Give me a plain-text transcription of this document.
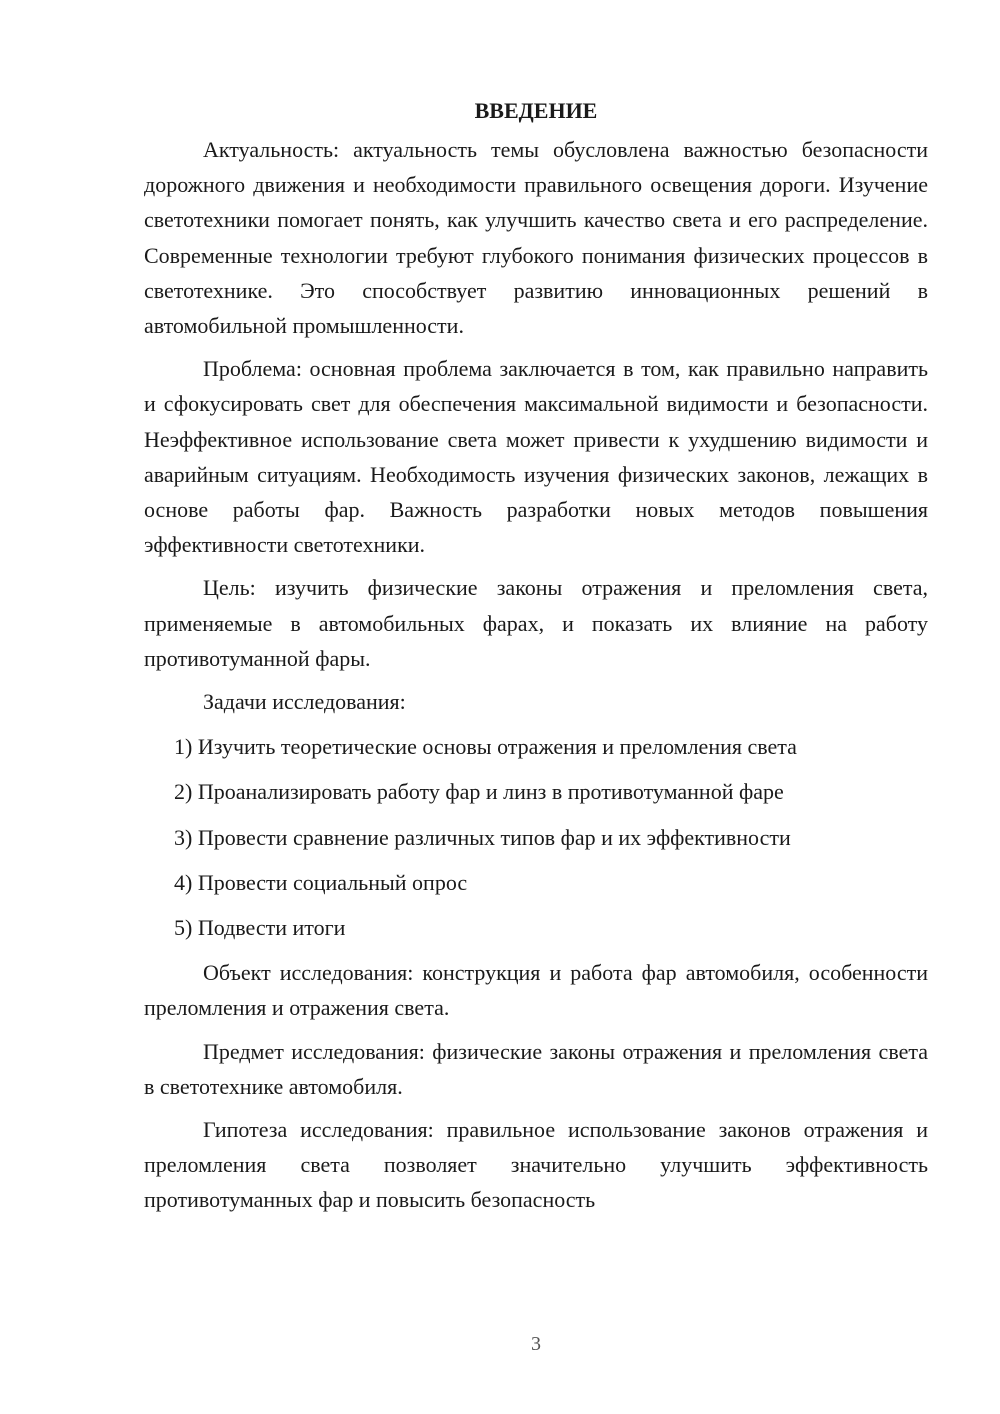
ВВЕДЕНИЕ

Актуальность: актуальность темы обусловлена важностью безопасности дорожного движения и необходимости правильного освещения дороги. Изучение светотехники помогает понять, как улучшить качество света и его распределение. Современные технологии требуют глубокого понимания физических процессов в светотехнике. Это способствует развитию инновационных решений в автомобильной промышленности.

Проблема: основная проблема заключается в том, как правильно направить и сфокусировать свет для обеспечения максимальной видимости и безопасности. Неэффективное использование света может привести к ухудшению видимости и аварийным ситуациям. Необходимость изучения физических законов, лежащих в основе работы фар. Важность разработки новых методов повышения эффективности светотехники.

Цель: изучить физические законы отражения и преломления света, применяемые в автомобильных фарах, и показать их влияние на работу противотуманной фары.

Задачи исследования:
1) Изучить теоретические основы отражения и преломления света
2) Проанализировать работу фар и линз в противотуманной фаре
3) Провести сравнение различных типов фар и их эффективности
4) Провести социальный опрос
5) Подвести итоги

Объект исследования: конструкция и работа фар автомобиля, особенности преломления и отражения света.

Предмет исследования: физические законы отражения и преломления света в светотехнике автомобиля.

Гипотеза исследования: правильное использование законов отражения и преломления света позволяет значительно улучшить эффективность противотуманных фар и повысить безопасность

3
